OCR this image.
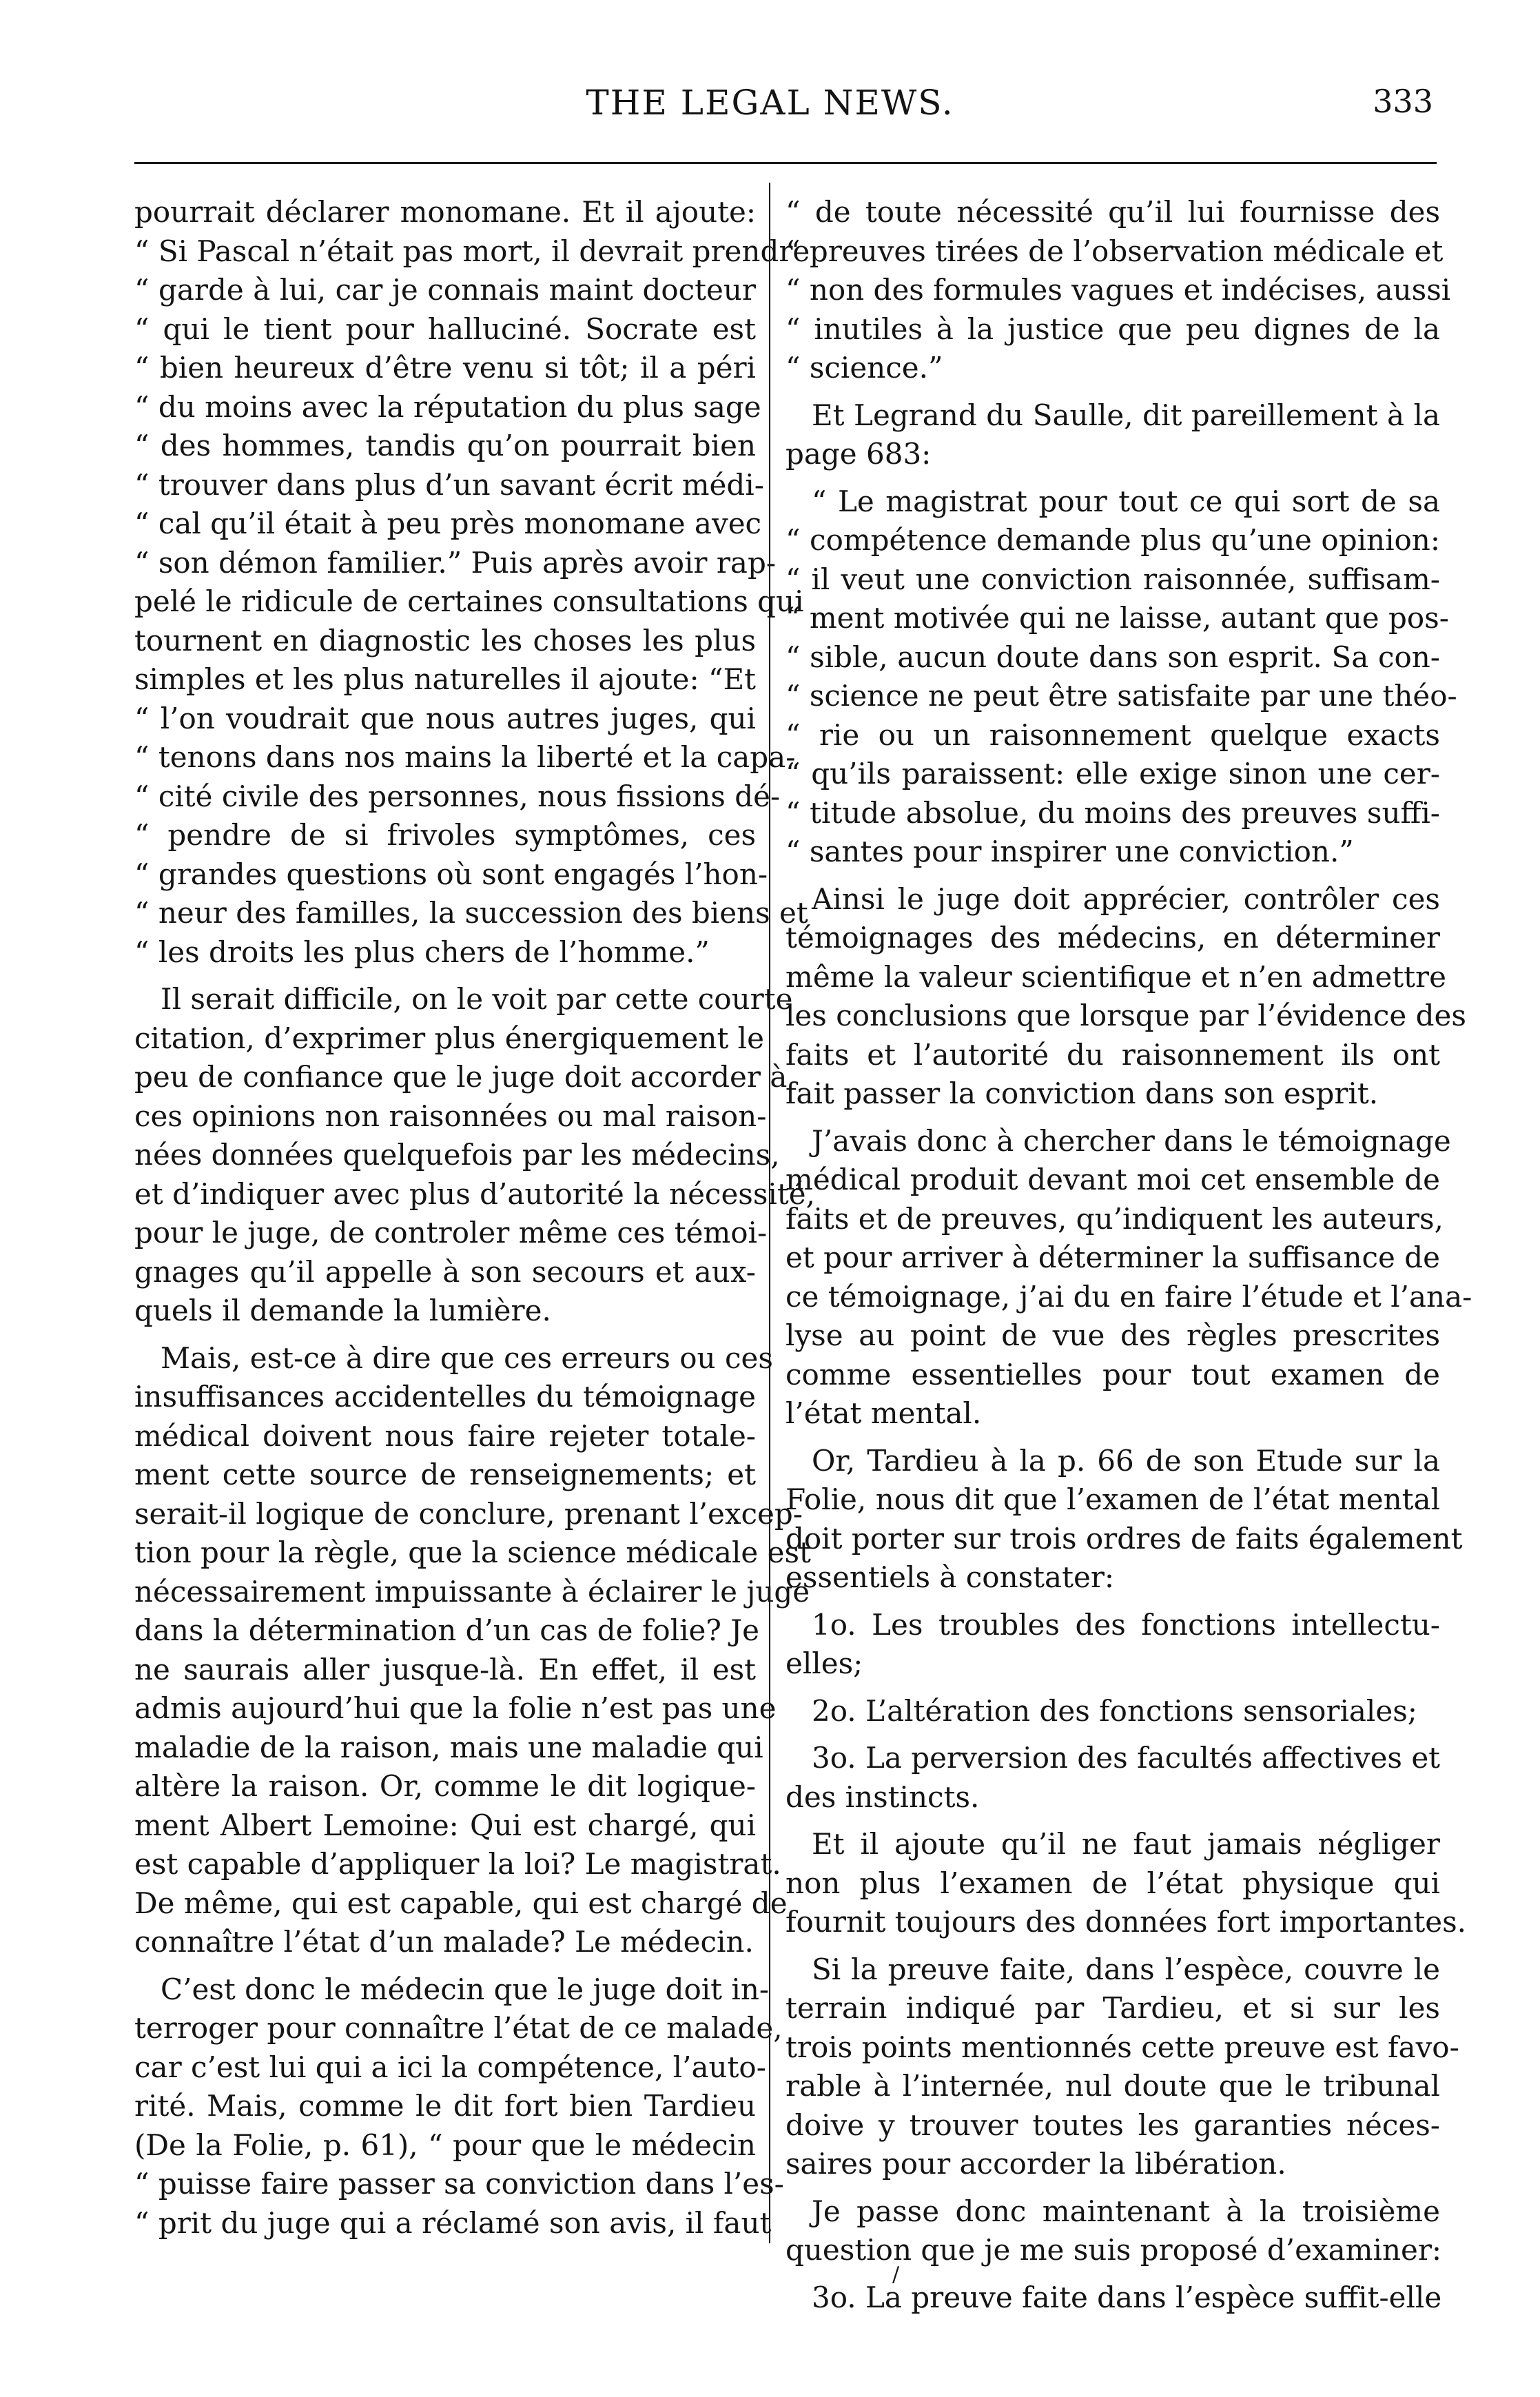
THE LEGAL NEWS.	333
pourrait déclarer monomane. Et il ajoute:
“ Si Pascal n’était pas mort, il devrait prendre
“ garde à lui, car je connais maint docteur
“ qui le tient pour halluciné. Socrate est
“ bien heureux d’être venu si tôt; il a péri
“ du moins avec la réputation du plus sage
“ des hommes, tandis qu’on pourrait bien
“ trouver dans plus d’un savant écrit médi-
“ cal qu’il était à peu près monomane avec
“ son démon familier.” Puis après avoir rap-
pelé le ridicule de certaines consultations qui
tournent en diagnostic les choses les plus
simples et les plus naturelles il ajoute: “Et
“ l’on voudrait que nous autres juges, qui
“ tenons dans nos mains la liberté et la capa-
“ cité civile des personnes, nous fissions dé-
“ pendre de si frivoles symptômes, ces
“ grandes questions où sont engagés l’hon-
“ neur des familles, la succession des biens et
“ les droits les plus chers de l’homme.”
Il serait difficile, on le voit par cette courte
citation, d’exprimer plus énergiquement le
peu de confiance que le juge doit accorder à
ces opinions non raisonnées ou mal raison-
nées données quelquefois par les médecins,
et d’indiquer avec plus d’autorité la nécessité,
pour le juge, de controler même ces témoi-
gnages qu’il appelle à son secours et aux-
quels il demande la lumière.
Mais, est-ce à dire que ces erreurs ou ces
insuffisances accidentelles du témoignage
médical doivent nous faire rejeter totale-
ment cette source de renseignements; et
serait-il logique de conclure, prenant l’excep-
tion pour la règle, que la science médicale est
nécessairement impuissante à éclairer le juge
dans la détermination d’un cas de folie? Je
ne saurais aller jusque-là. En effet, il est
admis aujourd’hui que la folie n’est pas une
maladie de la raison, mais une maladie qui
altère la raison. Or, comme le dit logique-
ment Albert Lemoine: Qui est chargé, qui
est capable d’appliquer la loi? Le magistrat.
De même, qui est capable, qui est chargé de
connaître l’état d’un malade? Le médecin.
C’est donc le médecin que le juge doit in-
terroger pour connaître l’état de ce malade,
car c’est lui qui a ici la compétence, l’auto-
rité. Mais, comme le dit fort bien Tardieu
(De la Folie, p. 61), “ pour que le médecin
“ puisse faire passer sa conviction dans l’es-
“ prit du juge qui a réclamé son avis, il faut
“ de toute nécessité qu’il lui fournisse des
“ preuves tirées de l’observation médicale et
“ non des formules vagues et indécises, aussi
“ inutiles à la justice que peu dignes de la
“ science.”
Et Legrand du Saulle, dit pareillement à la
page 683:
“ Le magistrat pour tout ce qui sort de sa
“ compétence demande plus qu’une opinion:
“ il veut une conviction raisonnée, suffisam-
“ ment motivée qui ne laisse, autant que pos-
“ sible, aucun doute dans son esprit. Sa con-
“ science ne peut être satisfaite par une théo-
“ rie ou un raisonnement quelque exacts
“ qu’ils paraissent: elle exige sinon une cer-
“ titude absolue, du moins des preuves suffi-
“ santes pour inspirer une conviction.”
Ainsi le juge doit apprécier, contrôler ces
témoignages des médecins, en déterminer
même la valeur scientifique et n’en admettre
les conclusions que lorsque par l’évidence des
faits et l’autorité du raisonnement ils ont
fait passer la conviction dans son esprit.
J’avais donc à chercher dans le témoignage
médical produit devant moi cet ensemble de
faits et de preuves, qu’indiquent les auteurs,
et pour arriver à déterminer la suffisance de
ce témoignage, j’ai du en faire l’étude et l’ana-
lyse au point de vue des règles prescrites
comme essentielles pour tout examen de
l’état mental.
Or, Tardieu à la p. 66 de son Etude sur la
Folie, nous dit que l’examen de l’état mental
doit porter sur trois ordres de faits également
essentiels à constater:
1o. Les troubles des fonctions intellectu-
elles;
2o. L’altération des fonctions sensoriales;
3o. La perversion des facultés affectives et
des instincts.
Et il ajoute qu’il ne faut jamais négliger
non plus l’examen de l’état physique qui
fournit toujours des données fort importantes.
Si la preuve faite, dans l’espèce, couvre le
terrain indiqué par Tardieu, et si sur les
trois points mentionnés cette preuve est favo-
rable à l’internée, nul doute que le tribunal
doive y trouver toutes les garanties néces-
saires pour accorder la libération.
Je passe donc maintenant à la troisième
question que je me suis proposé d’examiner:
3o. La preuve faite dans l’espèce suffit-elle
/
